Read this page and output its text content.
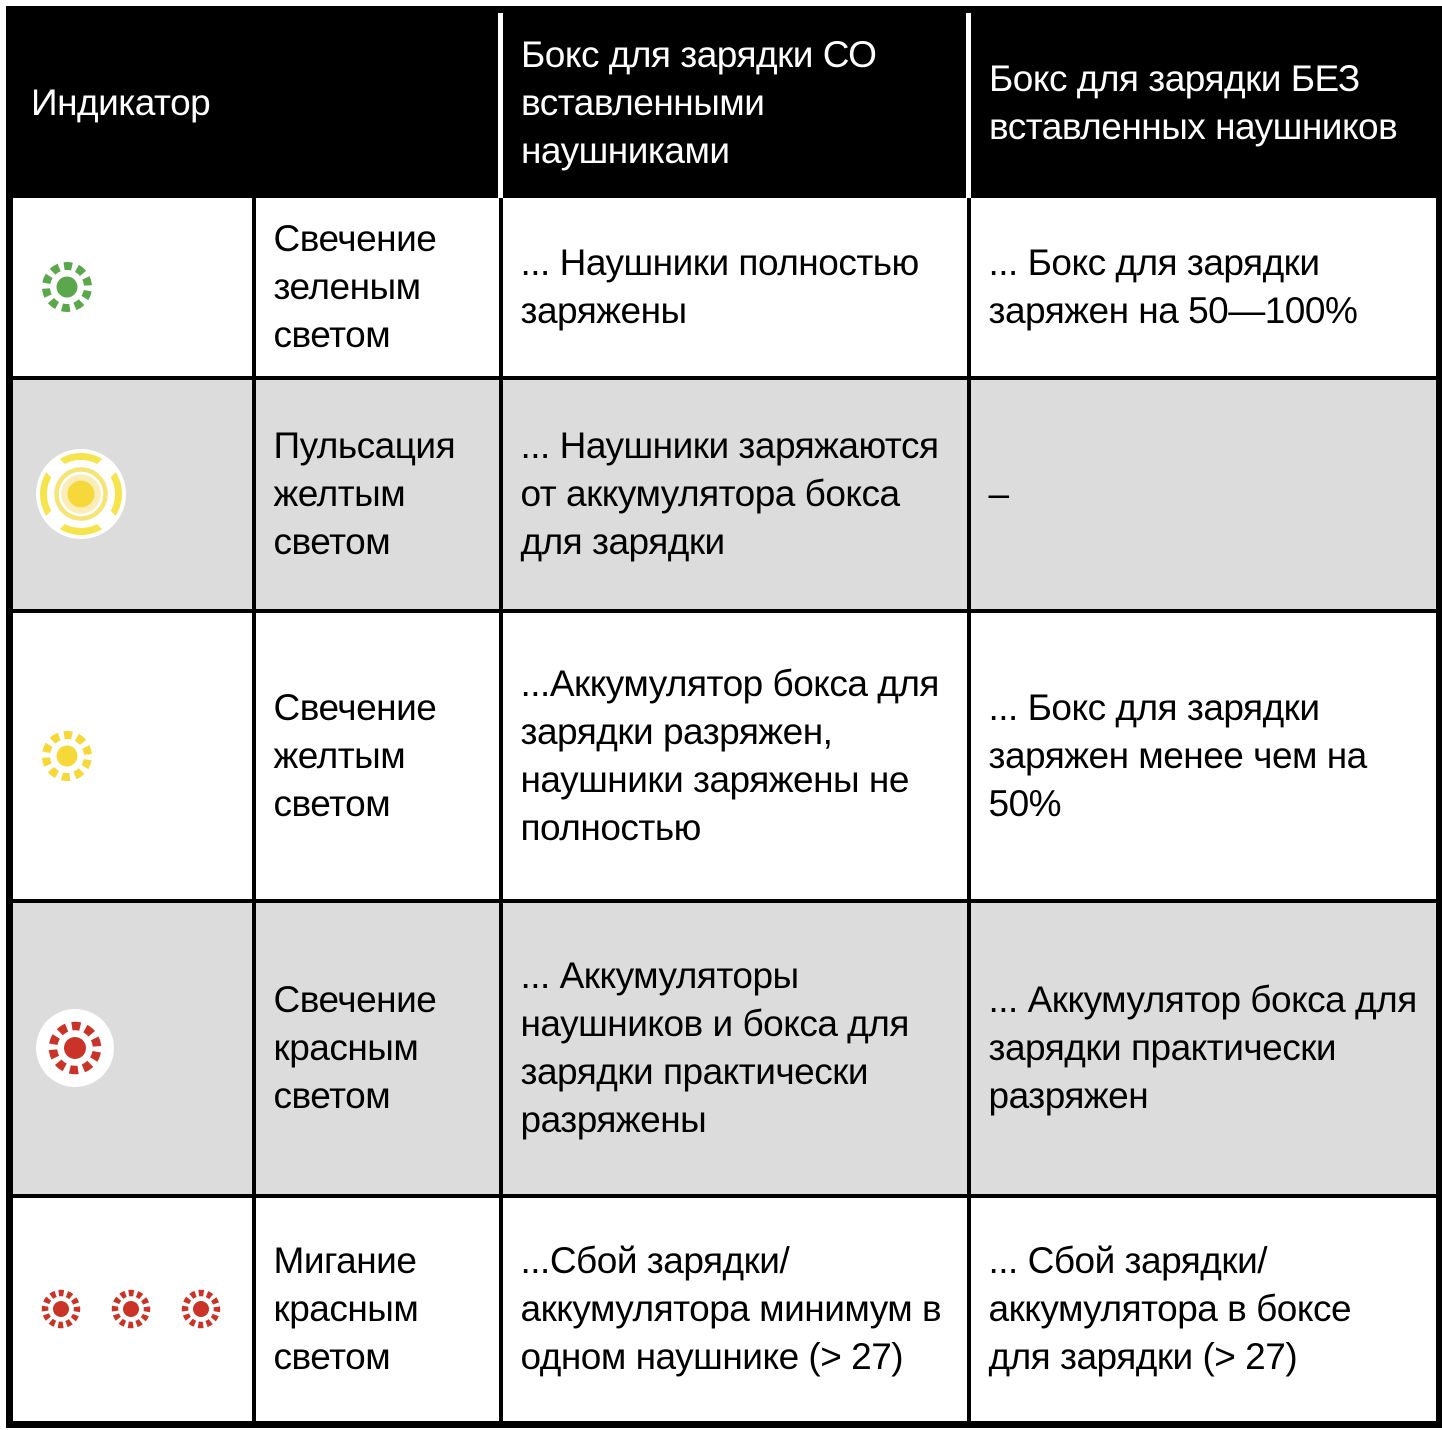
Индикатор		Бокс для зарядки СО вставленными наушниками	Бокс для зарядки БЕЗ вставленных наушников

	Свечение зеленым светом	... Наушники полностью заряжены	... Бокс для зарядки заряжен на 50—100%

	Пульсация желтым светом	... Наушники заряжаются от аккумулятора бокса для зарядки	–

	Свечение желтым светом	...Аккумулятор бокса для зарядки разряжен, наушники заряжены не полностью	... Бокс для зарядки заряжен менее чем на 50%

	Свечение красным светом	... Аккумуляторы наушников и бокса для зарядки практически разряжены	... Аккумулятор бокса для зарядки практически разряжен

	Мигание красным светом	...Сбой зарядки/аккумулятора минимум в одном наушнике (> 27)	... Сбой зарядки/аккумулятора в боксе для зарядки (> 27)
